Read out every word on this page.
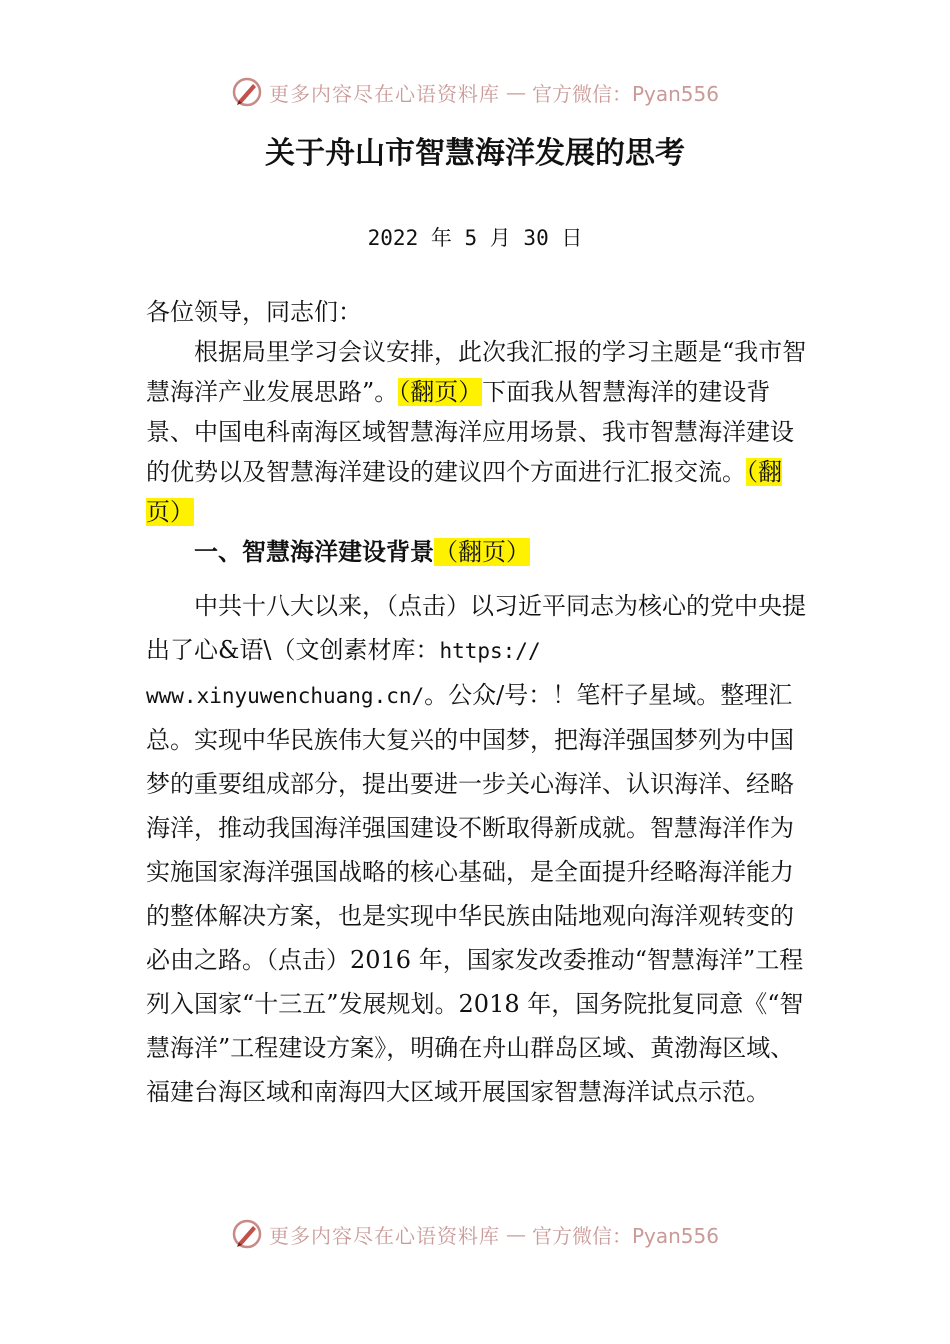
更多内容尽在心语资料库 — 官方微信：Pyan556
关于舟山市智慧海洋发展的思考
2022 年 5 月 30 日

各位领导，同志们：

根据局里学习会议安排，此次我汇报的学习主题是“我市智慧海洋产业发展思路”。（翻页）下面我从智慧海洋的建设背景、中国电科南海区域智慧海洋应用场景、我市智慧海洋建设的优势以及智慧海洋建设的建议四个方面进行汇报交流。（翻页）

一、智慧海洋建设背景（翻页）

中共十八大以来，（点击）以习近平同志为核心的党中央提出了心&语\（文创素材库：https://
www.xinyuwenchuang.cn/。公众/号：！笔杆子星域。整理汇总。实现中华民族伟大复兴的中国梦，把海洋强国梦列为中国梦的重要组成部分，提出要进一步关心海洋、认识海洋、经略海洋，推动我国海洋强国建设不断取得新成就。智慧海洋作为实施国家海洋强国战略的核心基础，是全面提升经略海洋能力的整体解决方案，也是实现中华民族由陆地观向海洋观转变的必由之路。（点击）2016 年，国家发改委推动“智慧海洋”工程列入国家“十三五”发展规划。2018 年，国务院批复同意《“智慧海洋”工程建设方案》，明确在舟山群岛区域、黄渤海区域、福建台海区域和南海四大区域开展国家智慧海洋试点示范。

更多内容尽在心语资料库 — 官方微信：Pyan556
